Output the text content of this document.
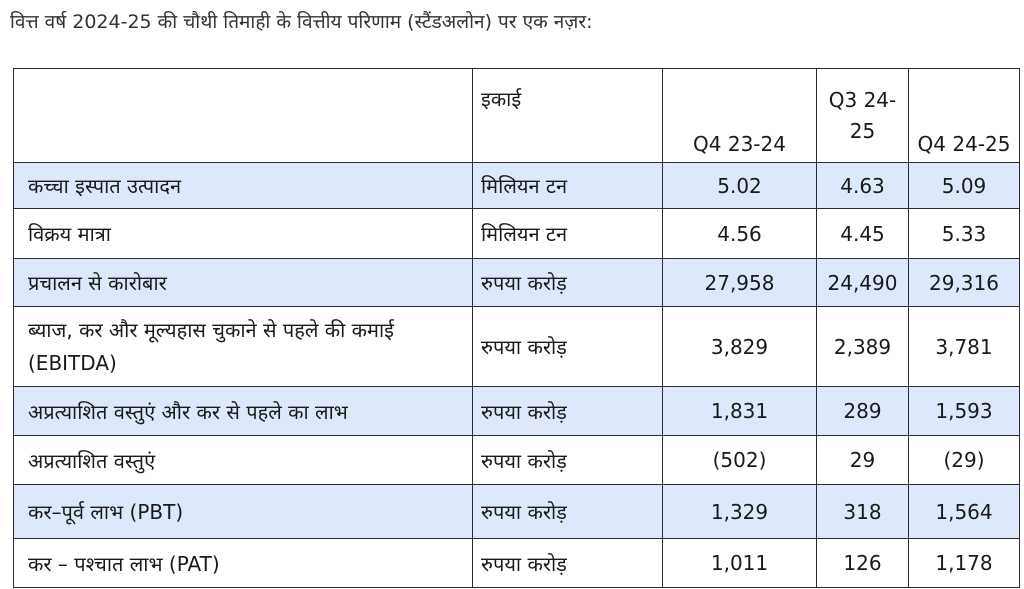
वित्त वर्ष 2024-25 की चौथी तिमाही के वित्तीय परिणाम (स्टैंडअलोन) पर एक नज़र:
	इकाई	Q4 23-24	Q3 24-25	Q4 24-25
कच्चा इस्पात उत्पादन	मिलियन टन	5.02	4.63	5.09
विक्रय मात्रा	मिलियन टन	4.56	4.45	5.33
प्रचालन से कारोबार	रुपया करोड़	27,958	24,490	29,316
ब्याज, कर और मूल्यहास चुकाने से पहले की कमाई (EBITDA)	रुपया करोड़	3,829	2,389	3,781
अप्रत्याशित वस्तुएं और कर से पहले का लाभ	रुपया करोड़	1,831	289	1,593
अप्रत्याशित वस्तुएं	रुपया करोड़	(502)	29	(29)
कर–पूर्व लाभ (PBT)	रुपया करोड़	1,329	318	1,564
कर – पश्चात लाभ (PAT)	रुपया करोड़	1,011	126	1,178
